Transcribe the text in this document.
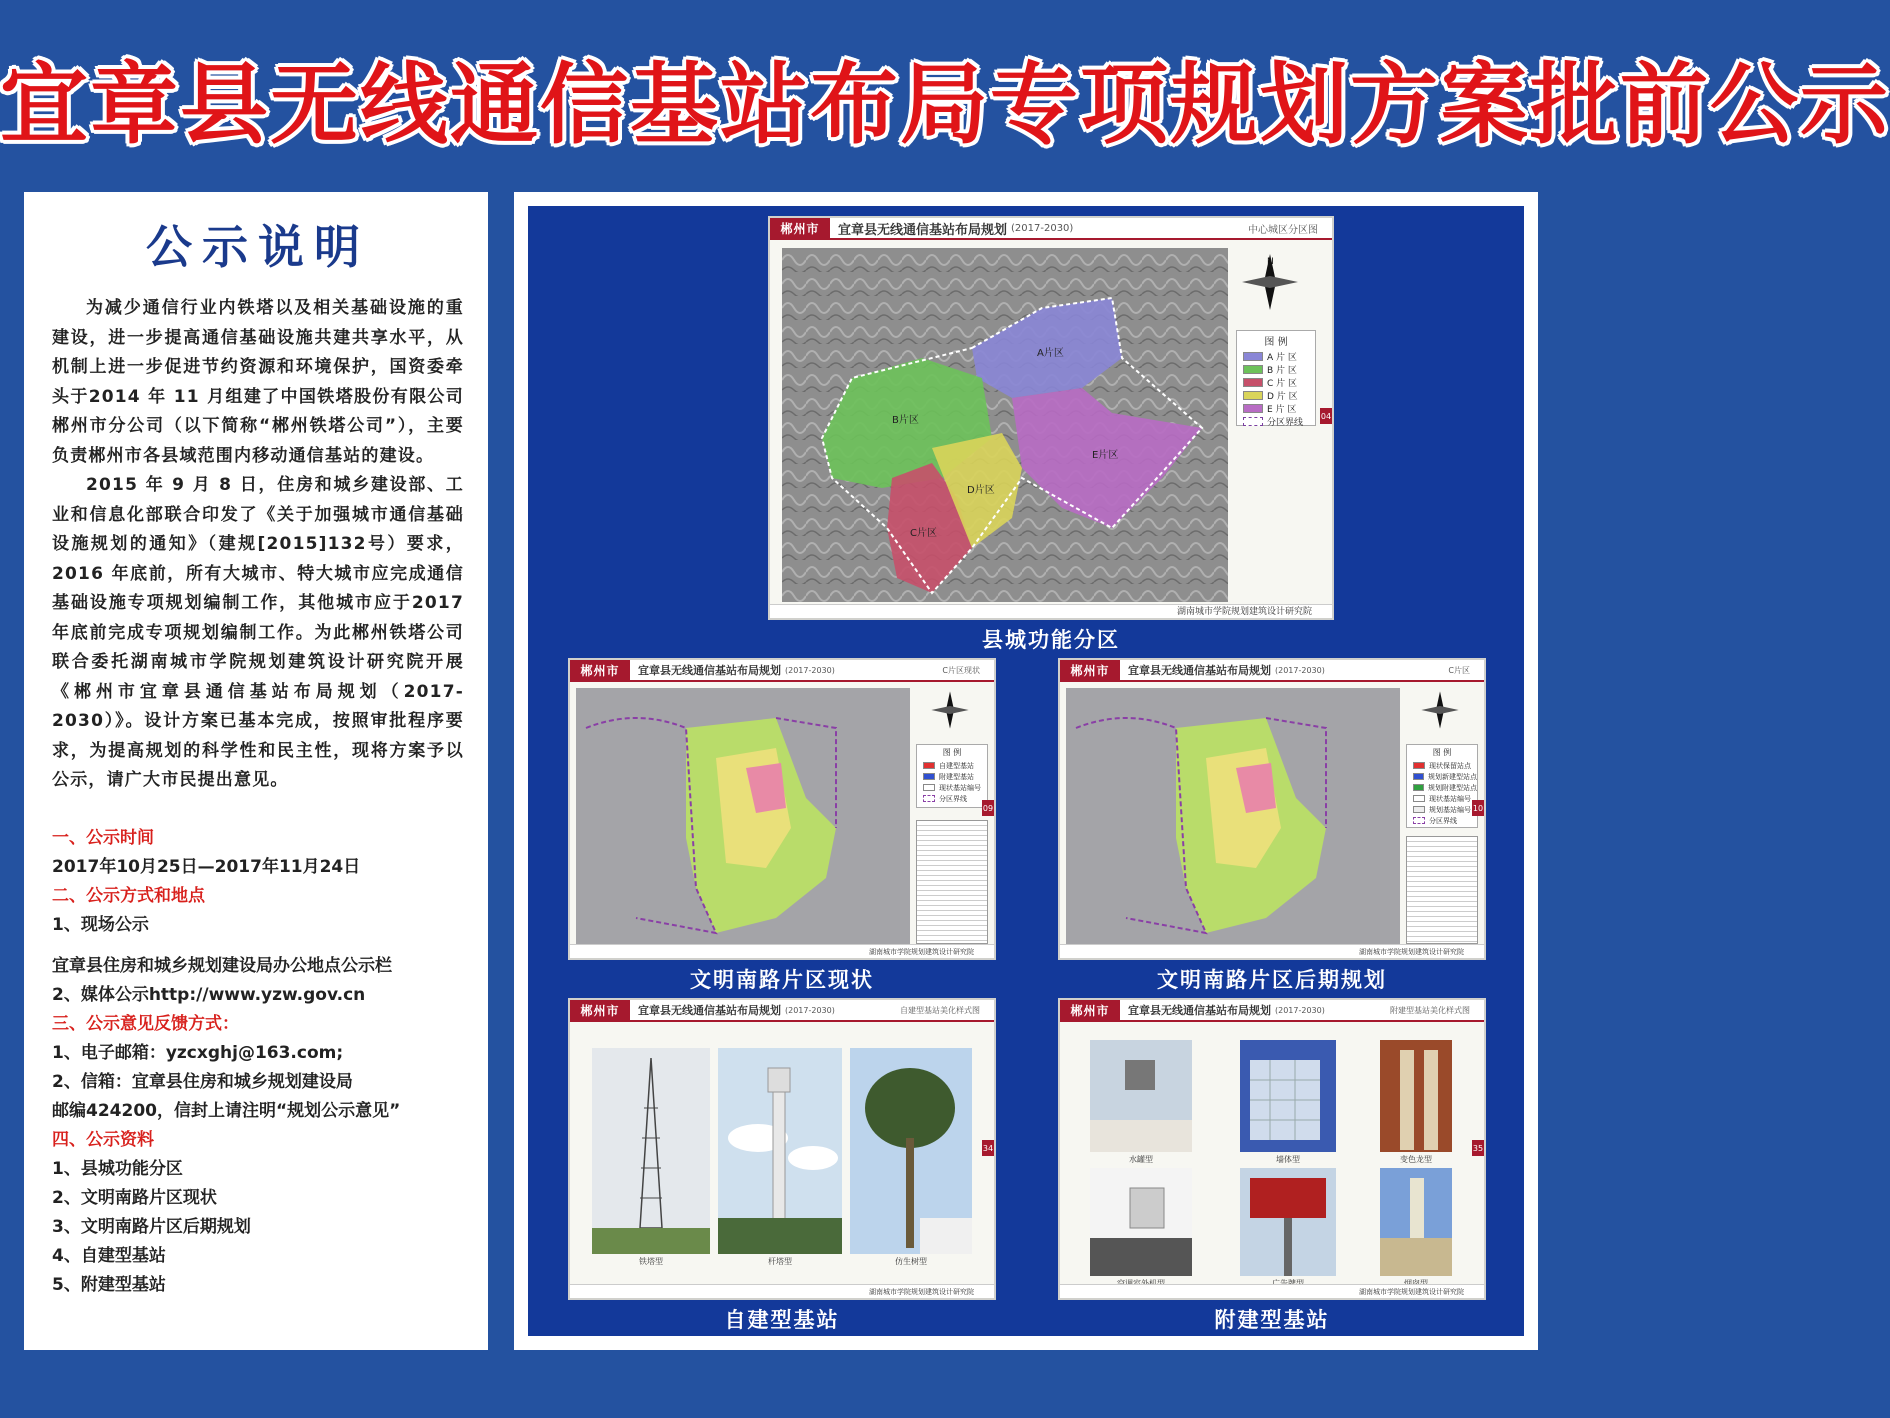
宜章县无线通信基站布局专项规划方案批前公示
公示说明

为减少通信行业内铁塔以及相关基础设施的重建设，进一步提高通信基础设施共建共享水平，从机制上进一步促进节约资源和环境保护，国资委牵头于2014 年 11 月组建了中国铁塔股份有限公司郴州市分公司（以下简称“郴州铁塔公司”），主要负责郴州市各县域范围内移动通信基站的建设。

2015 年 9 月 8 日，住房和城乡建设部、工业和信息化部联合印发了《关于加强城市通信基础设施规划的通知》（建规[2015]132号）要求，2016 年底前，所有大城市、特大城市应完成通信基础设施专项规划编制工作，其他城市应于2017年底前完成专项规划编制工作。为此郴州铁塔公司联合委托湖南城市学院规划建筑设计研究院开展《郴州市宜章县通信基站布局规划（2017-2030）》。设计方案已基本完成，按照审批程序要求，为提高规划的科学性和民主性，现将方案予以公示，请广大市民提出意见。

一、公示时间
2017年10月25日—2017年11月24日
二、公示方式和地点
1、现场公示
宜章县住房和城乡规划建设局办公地点公示栏
2、媒体公示http://www.yzw.gov.cn
三、公示意见反馈方式：
1、电子邮箱：yzcxghj@163.com;
2、信箱：宜章县住房和城乡规划建设局
邮编424200，信封上请注明“规划公示意见”
四、公示资料
1、县城功能分区
2、文明南路片区现状
3、文明南路片区后期规划
4、自建型基站
5、附建型基站
郴州市	宜章县无线通信基站布局规划 (2017-2030)	中心城区分区图
A片区
B片区
C片区
D片区
E片区
N
图 例
A 片 区
B 片 区
C 片 区
D 片 区
E 片 区
分区界线
04
湖南城市学院规划建筑设计研究院
县城功能分区
郴州市	宜章县无线通信基站布局规划 (2017-2030)	C片区现状
图 例
自建型基站
附建型基站
现状基站编号
分区界线
09
湖南城市学院规划建筑设计研究院
文明南路片区现状
郴州市	宜章县无线通信基站布局规划 (2017-2030)	C片区
图 例
现状保留站点
规划新建型站点
规划附建型站点
现状基站编号
规划基站编号
分区界线
10
湖南城市学院规划建筑设计研究院
文明南路片区后期规划
郴州市	宜章县无线通信基站布局规划 (2017-2030)	自建型基站美化样式图
铁塔型	杆塔型	仿生树型
34
湖南城市学院规划建筑设计研究院
自建型基站
郴州市	宜章县无线通信基站布局规划 (2017-2030)	附建型基站美化样式图
水罐型	墙体型	变色龙型
35
湖南城市学院规划建筑设计研究院
附建型基站
